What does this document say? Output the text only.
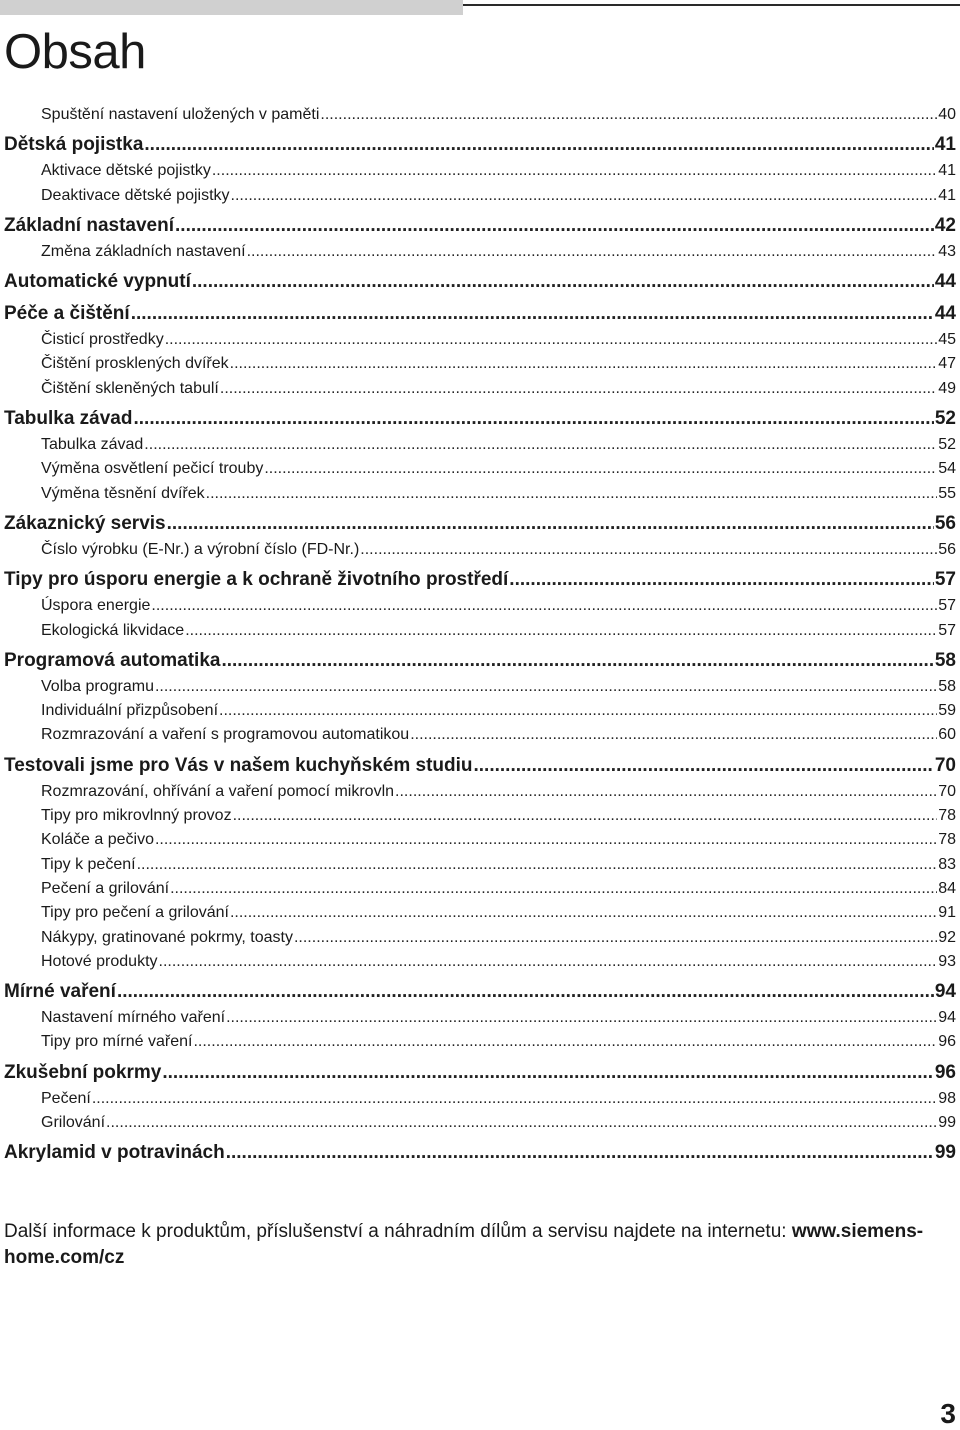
Obsah
Spuštění nastavení uložených v paměti .....	40
Dětská pojistka .....	41
Aktivace dětské pojistky .....	41
Deaktivace dětské pojistky .....	41
Základní nastavení .....	42
Změna základních nastavení .....	43
Automatické vypnutí .....	44
Péče a čištění .....	44
Čisticí prostředky .....	45
Čištění prosklených dvířek .....	47
Čištění skleněných tabulí .....	49
Tabulka závad .....	52
Tabulka závad .....	52
Výměna osvětlení pečicí trouby .....	54
Výměna těsnění dvířek .....	55
Zákaznický servis .....	56
Číslo výrobku (E-Nr.) a výrobní číslo (FD-Nr.) .....	56
Tipy pro úsporu energie a k ochraně životního prostředí .....	57
Úspora energie .....	57
Ekologická likvidace .....	57
Programová automatika .....	58
Volba programu .....	58
Individuální přizpůsobení .....	59
Rozmrazování a vaření s programovou automatikou .....	60
Testovali jsme pro Vás v našem kuchyňském studiu .....	70
Rozmrazování, ohřívání a vaření pomocí mikrovln .....	70
Tipy pro mikrovlnný provoz .....	78
Koláče a pečivo .....	78
Tipy k pečení .....	83
Pečení a grilování .....	84
Tipy pro pečení a grilování .....	91
Nákypy, gratinované pokrmy, toasty .....	92
Hotové produkty .....	93
Mírné vaření .....	94
Nastavení mírného vaření .....	94
Tipy pro mírné vaření .....	96
Zkušební pokrmy .....	96
Pečení .....	98
Grilování .....	99
Akrylamid v potravinách .....	99
Další informace k produktům, příslušenství a náhradním dílům a servisu najdete na internetu: www.siemens-home.com/cz
3
